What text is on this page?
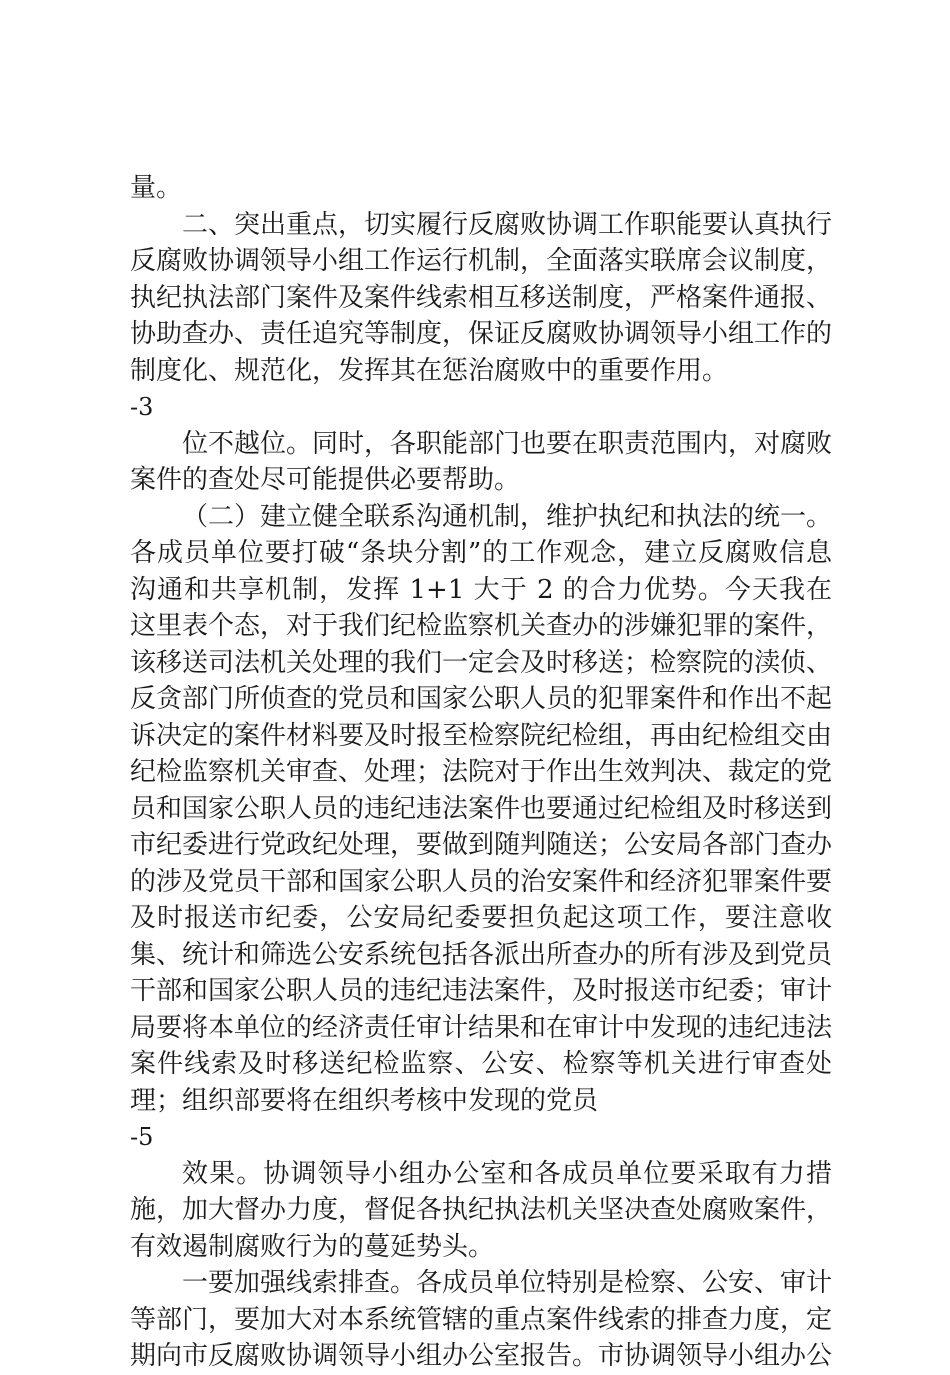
量。

二、突出重点，切实履行反腐败协调工作职能要认真执行反腐败协调领导小组工作运行机制，全面落实联席会议制度，执纪执法部门案件及案件线索相互移送制度，严格案件通报、协助查办、责任追究等制度，保证反腐败协调领导小组工作的制度化、规范化，发挥其在惩治腐败中的重要作用。

-3

位不越位。同时，各职能部门也要在职责范围内，对腐败案件的查处尽可能提供必要帮助。

（二）建立健全联系沟通机制，维护执纪和执法的统一。各成员单位要打破“条块分割”的工作观念，建立反腐败信息沟通和共享机制，发挥 1+1 大于 2 的合力优势。今天我在这里表个态，对于我们纪检监察机关查办的涉嫌犯罪的案件，该移送司法机关处理的我们一定会及时移送；检察院的渎侦、反贪部门所侦查的党员和国家公职人员的犯罪案件和作出不起诉决定的案件材料要及时报至检察院纪检组，再由纪检组交由纪检监察机关审查、处理；法院对于作出生效判决、裁定的党员和国家公职人员的违纪违法案件也要通过纪检组及时移送到市纪委进行党政纪处理，要做到随判随送；公安局各部门查办的涉及党员干部和国家公职人员的治安案件和经济犯罪案件要及时报送市纪委，公安局纪委要担负起这项工作，要注意收集、统计和筛选公安系统包括各派出所查办的所有涉及到党员干部和国家公职人员的违纪违法案件，及时报送市纪委；审计局要将本单位的经济责任审计结果和在审计中发现的违纪违法案件线索及时移送纪检监察、公安、检察等机关进行审查处理；组织部要将在组织考核中发现的党员

-5

效果。协调领导小组办公室和各成员单位要采取有力措施，加大督办力度，督促各执纪执法机关坚决查处腐败案件，有效遏制腐败行为的蔓延势头。

一要加强线索排查。各成员单位特别是检察、公安、审计等部门，要加大对本系统管辖的重点案件线索的排查力度，定期向市反腐败协调领导小组办公室报告。市协调领导小组办公
